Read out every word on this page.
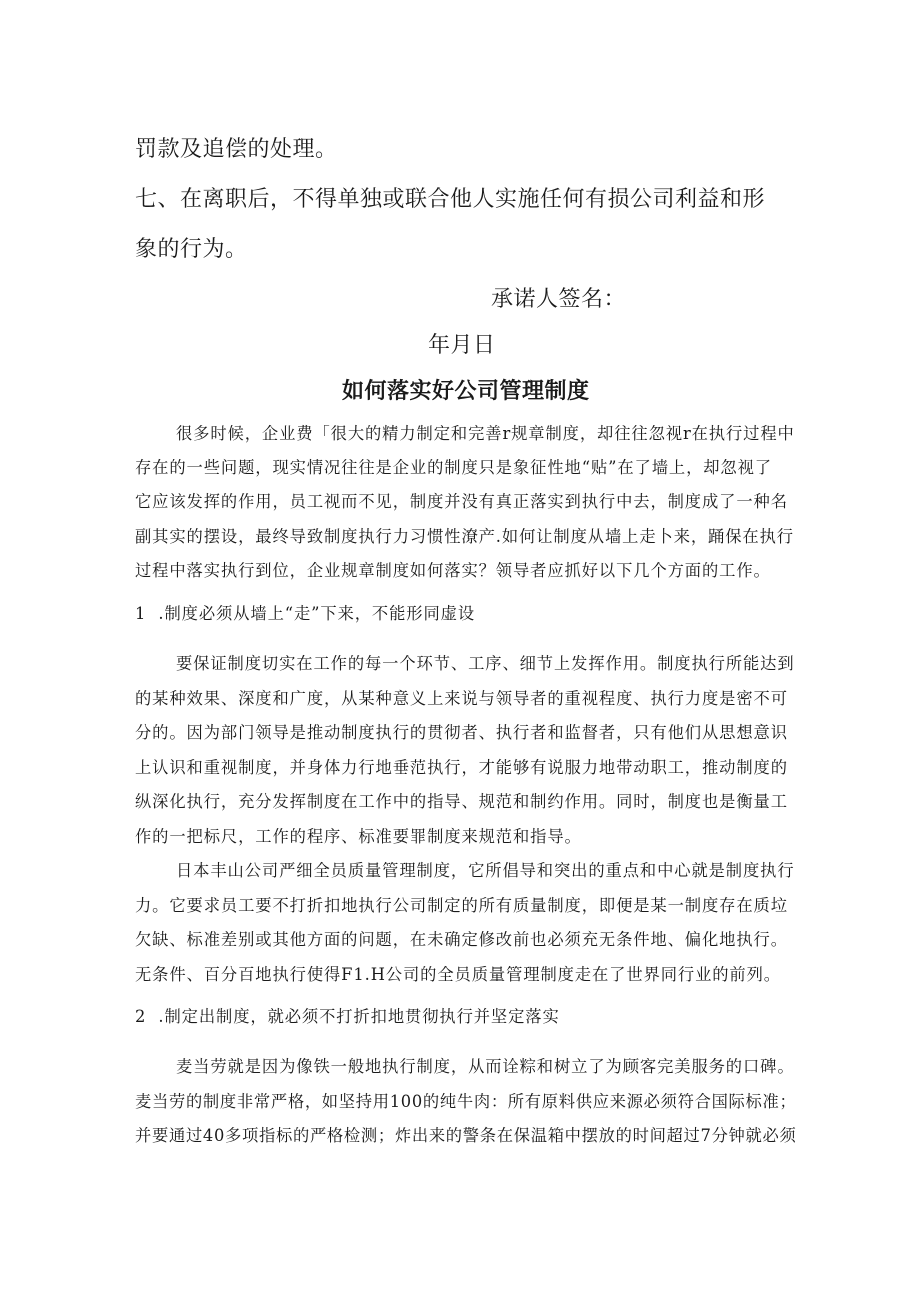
罚款及追偿的处理。
七、在离职后，不得单独或联合他人实施任何有损公司利益和形
象的行为。
承诺人签名：
年月日
如何落实好公司管理制度
很多时候，企业费「很大的精力制定和完善r规章制度，却往往忽视r在执行过程中
存在的一些问题，现实情况往往是企业的制度只是象征性地“贴”在了墙上，却忽视了
它应该发挥的作用，员工视而不见，制度并没有真正落实到执行中去，制度成了一种名
副其实的摆设，最终导致制度执行力习惯性潦产.如何让制度从墙上走卜来，踊保在执行
过程中落实执行到位，企业规章制度如何落实？领导者应抓好以下几个方面的工作。
1  .制度必须从墙上“走”下来，不能形同虚设
要保证制度切实在工作的每一个环节、工序、细节上发挥作用。制度执行所能达到
的某种效果、深度和广度，从某种意义上来说与领导者的重视程度、执行力度是密不可
分的。因为部门领导是推动制度执行的贯彻者、执行者和监督者，只有他们从思想意识
上认识和重视制度，并身体力行地垂范执行，才能够有说服力地带动职工，推动制度的
纵深化执行，充分发挥制度在工作中的指导、规范和制约作用。同时，制度也是衡量工
作的一把标尺，工作的程序、标准要罪制度来规范和指导。
日本丰山公司严细全员质量管理制度，它所倡导和突出的重点和中心就是制度执行
力。它要求员工要不打折扣地执行公司制定的所有质量制度，即便是某一制度存在质垃
欠缺、标准差别或其他方面的问题，在未确定修改前也必须充无条件地、偏化地执行。
无条件、百分百地执行使得F1.H公司的全员质量管理制度走在了世界同行业的前列。
2  .制定出制度，就必须不打折扣地贯彻执行并坚定落实
麦当劳就是因为像铁一般地执行制度，从而诠粽和树立了为顾客完美服务的口碑。
麦当劳的制度非常严格，如坚持用100的纯牛肉：所有原料供应来源必须符合国际标准；
并要通过40多项指标的严格检测；炸出来的警条在保温箱中摆放的时间超过7分钟就必须
